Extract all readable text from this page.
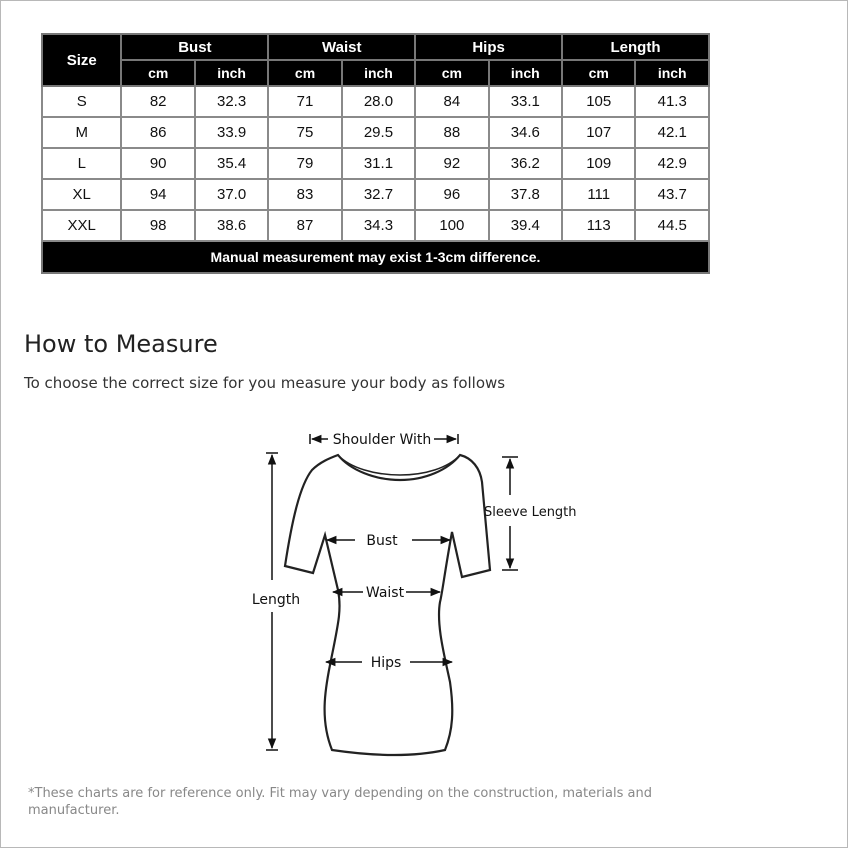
Size	Bust		Waist		Hips		Length	
	cm	inch	cm	inch	cm	inch	cm	inch
S	82	32.3	71	28.0	84	33.1	105	41.3
M	86	33.9	75	29.5	88	34.6	107	42.1
L	90	35.4	79	31.1	92	36.2	109	42.9
XL	94	37.0	83	32.7	96	37.8	111	43.7
XXL	98	38.6	87	34.3	100	39.4	113	44.5
Manual measurement may exist 1-3cm difference.								
How to Measure

To choose the correct size for you measure your body as follows

Shoulder With
Sleeve Length
Length
Bust
Waist
Hips

*These charts are for reference only. Fit may vary depending on the construction, materials and manufacturer.
